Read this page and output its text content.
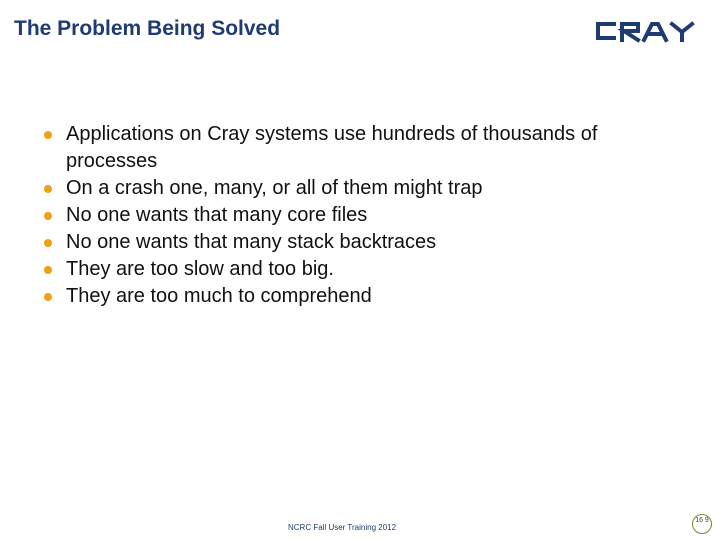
The Problem Being Solved
Applications on Cray systems use hundreds of thousands of processes
On a crash one, many, or all of them might trap
No one wants that many core files
No one wants that many stack backtraces
They are too slow and too big.
They are too much to comprehend
NCRC Fall User Training 2012
16 9
